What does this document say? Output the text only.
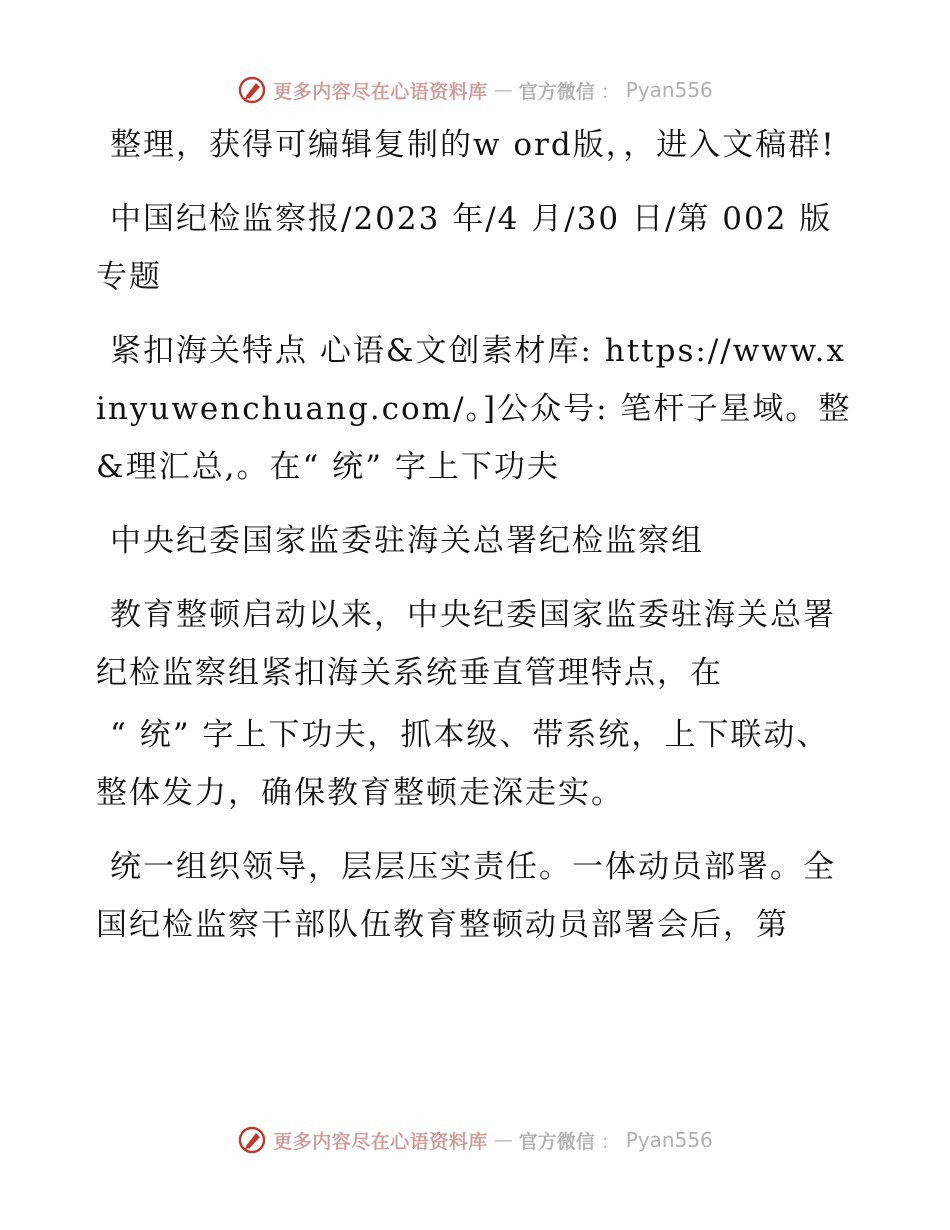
更多内容尽在心语资料库 — 官方微信 ： Pyan556

整理，获得可编辑复制的w ord版，，进入文稿群!

中国纪检监察报/2023 年/4 月/30 日/第 002 版专题

紧扣海关特点 心语&文创素材库: https://www.xinyuwenchuang.com/。]公众号: 笔杆子星域。整&理汇总,。在“ 统” 字上下功夫

中央纪委国家监委驻海关总署纪检监察组

教育整顿启动以来，中央纪委国家监委驻海关总署纪检监察组紧扣海关系统垂直管理特点，在

“ 统” 字上下功夫，抓本级、带系统，上下联动、整体发力，确保教育整顿走深走实。

统一组织领导，层层压实责任。一体动员部署。全国纪检监察干部队伍教育整顿动员部署会后，第

更多内容尽在心语资料库 — 官方微信 ： Pyan556
